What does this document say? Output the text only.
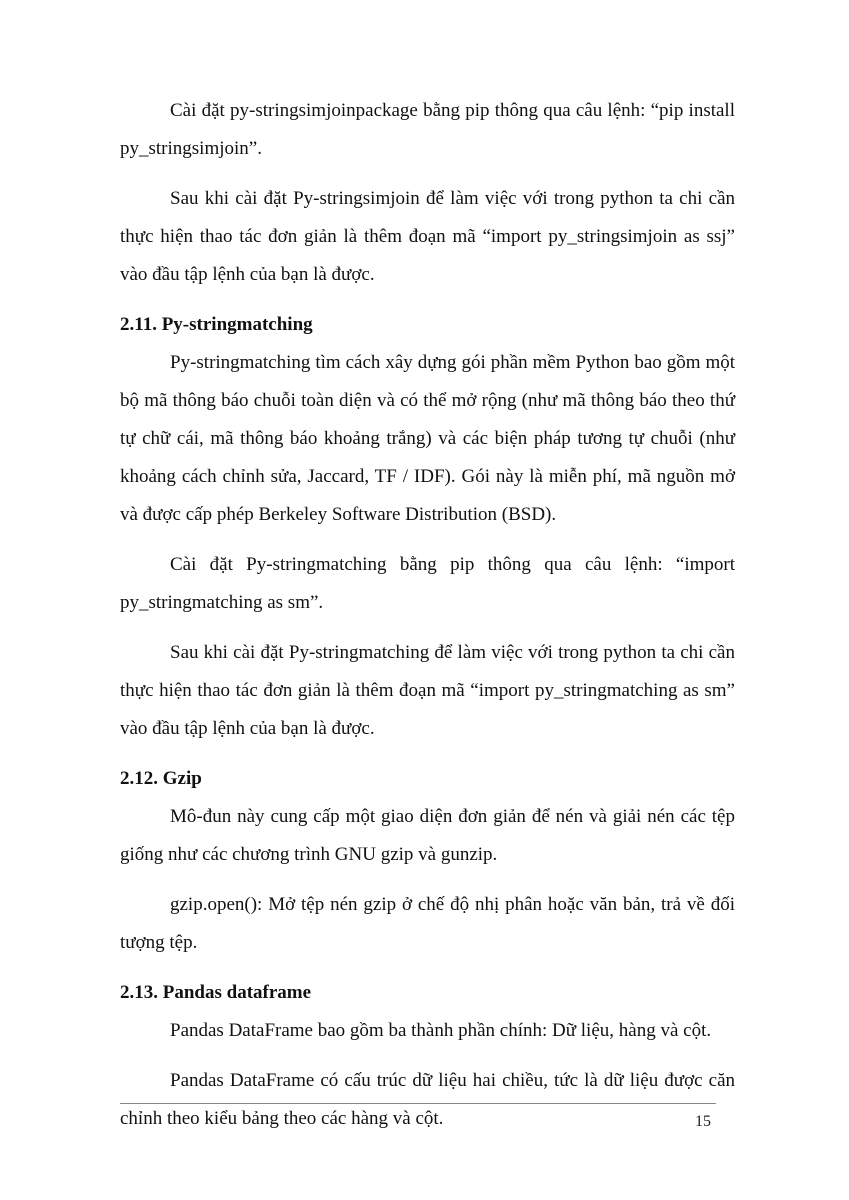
Cài đặt py-stringsimjoinpackage bằng pip thông qua câu lệnh: “pip install py_stringsimjoin”.

Sau khi cài đặt Py-stringsimjoin để làm việc với trong python ta chi cần thực hiện thao tác đơn giản là thêm đoạn mã “import py_stringsimjoin as ssj” vào đầu tập lệnh của bạn là được.

2.11. Py-stringmatching

Py-stringmatching tìm cách xây dựng gói phần mềm Python bao gồm một bộ mã thông báo chuỗi toàn diện và có thể mở rộng (như mã thông báo theo thứ tự chữ cái, mã thông báo khoảng trắng) và các biện pháp tương tự chuỗi (như khoảng cách chỉnh sửa, Jaccard, TF / IDF). Gói này là miễn phí, mã nguồn mở và được cấp phép Berkeley Software Distribution (BSD).

Cài đặt Py-stringmatching bằng pip thông qua câu lệnh: “import py_stringmatching as sm”.

Sau khi cài đặt Py-stringmatching để làm việc với trong python ta chi cần thực hiện thao tác đơn giản là thêm đoạn mã “import py_stringmatching as sm” vào đầu tập lệnh của bạn là được.

2.12. Gzip

Mô-đun này cung cấp một giao diện đơn giản để nén và giải nén các tệp giống như các chương trình GNU gzip và gunzip.

gzip.open(): Mở tệp nén gzip ở chế độ nhị phân hoặc văn bản, trả về đối tượng tệp.

2.13. Pandas dataframe

Pandas DataFrame bao gồm ba thành phần chính: Dữ liệu, hàng và cột.

Pandas DataFrame có cấu trúc dữ liệu hai chiều, tức là dữ liệu được căn chỉnh theo kiểu bảng theo các hàng và cột.	15
